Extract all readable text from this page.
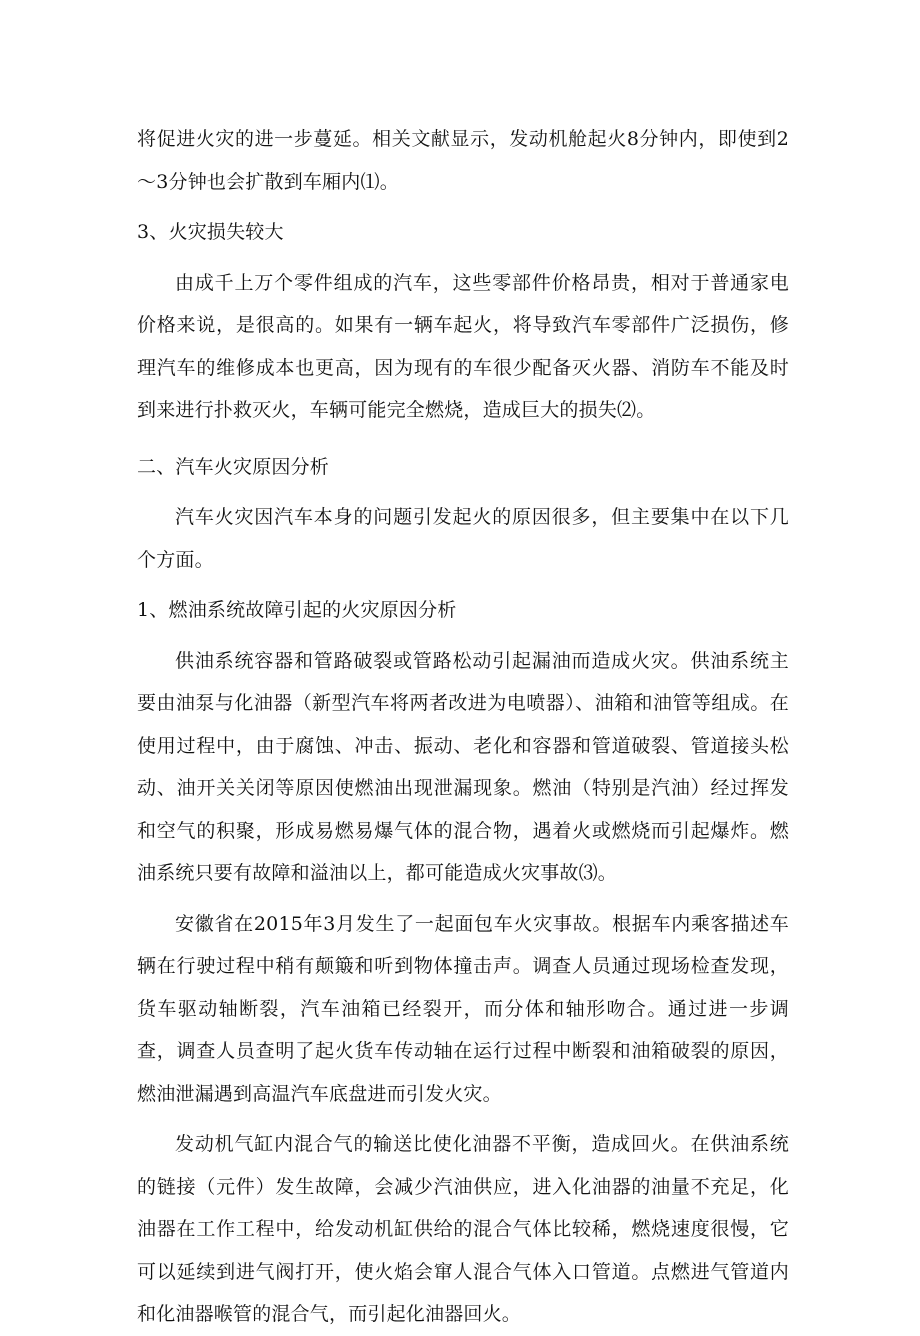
将促进火灾的进一步蔓延。相关文献显示，发动机舱起火8分钟内，即使到2～3分钟也会扩散到车厢内⑴。

3、火灾损失较大

由成千上万个零件组成的汽车，这些零部件价格昂贵，相对于普通家电价格来说，是很高的。如果有一辆车起火，将导致汽车零部件广泛损伤，修理汽车的维修成本也更高，因为现有的车很少配备灭火器、消防车不能及时到来进行扑救灭火，车辆可能完全燃烧，造成巨大的损失⑵。

二、汽车火灾原因分析

汽车火灾因汽车本身的问题引发起火的原因很多，但主要集中在以下几个方面。

1、燃油系统故障引起的火灾原因分析

供油系统容器和管路破裂或管路松动引起漏油而造成火灾。供油系统主要由油泵与化油器（新型汽车将两者改进为电喷器）、油箱和油管等组成。在使用过程中，由于腐蚀、冲击、振动、老化和容器和管道破裂、管道接头松动、油开关关闭等原因使燃油出现泄漏现象。燃油（特别是汽油）经过挥发和空气的积聚，形成易燃易爆气体的混合物，遇着火或燃烧而引起爆炸。燃油系统只要有故障和溢油以上，都可能造成火灾事故⑶。

安徽省在2015年3月发生了一起面包车火灾事故。根据车内乘客描述车辆在行驶过程中稍有颠簸和听到物体撞击声。调查人员通过现场检查发现，货车驱动轴断裂，汽车油箱已经裂开，而分体和轴形吻合。通过进一步调查，调查人员查明了起火货车传动轴在运行过程中断裂和油箱破裂的原因，燃油泄漏遇到高温汽车底盘进而引发火灾。

发动机气缸内混合气的输送比使化油器不平衡，造成回火。在供油系统的链接（元件）发生故障，会减少汽油供应，进入化油器的油量不充足，化油器在工作工程中，给发动机缸供给的混合气体比较稀，燃烧速度很慢，它可以延续到进气阀打开，使火焰会窜人混合气体入口管道。点燃进气管道内和化油器喉管的混合气，而引起化油器回火。
